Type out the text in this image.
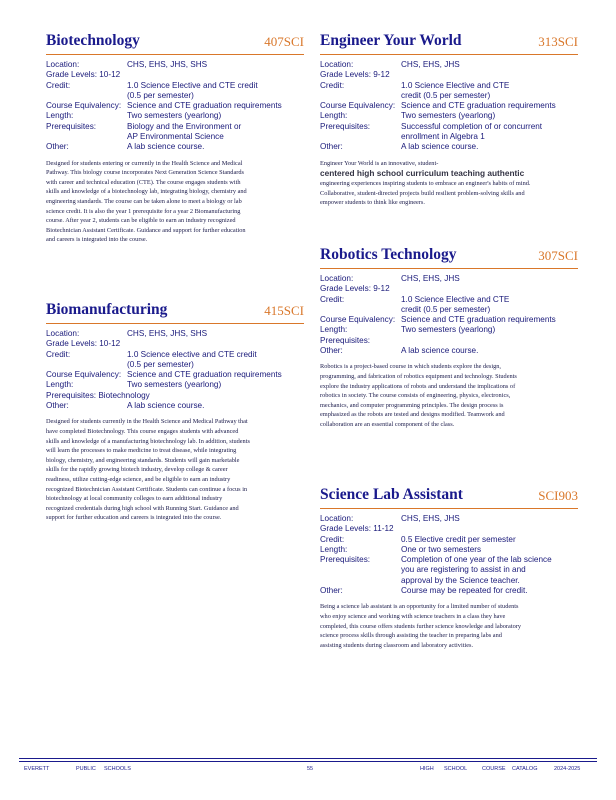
Biotechnology	407SCI
Location:	CHS, EHS, JHS, SHS
Grade Levels: 10-12
Credit:	1.0 Science Elective and CTE credit
(0.5 per semester)
Course Equivalency: Science and CTE graduation requirements
Length:	Two semesters (yearlong)
Prerequisites:	Biology and the Environment or
AP Environmental Science
Other:	A lab science course.
Designed for students entering or currently in the Health Science and Medical Pathway. This biology course incorporates Next Generation Science Standards with career and technical education (CTE). The course engages students with skills and knowledge of a biotechnology lab, integrating biology, chemistry and engineering standards. The course can be taken alone to meet a biology or lab science credit. It is also the year 1 prerequisite for a year 2 Biomanufacturing course. After year 2, students can be eligible to earn an industry recognized Biotechnician Assistant Certificate. Guidance and support for further education and careers is integrated into the course.
Biomanufacturing	415SCI
Location:	CHS, EHS, JHS, SHS
Grade Levels: 10-12
Credit:	1.0 Science elective and CTE credit
(0.5 per semester)
Course Equivalency: Science and CTE graduation requirements
Length:	Two semesters (yearlong)
Prerequisites: Biotechnology
Other:	A lab science course.
Designed for students currently in the Health Science and Medical Pathway that have completed Biotechnology. This course engages students with advanced skills and knowledge of a manufacturing biotechnology lab. In addition, students will learn the processes to make medicine to treat disease, while integrating biology, chemistry, and engineering standards. Students will gain marketable skills for the rapidly growing biotech industry, develop college & career readiness, utilize cutting-edge science, and be eligible to earn an industry recognized Biotechnician Assistant Certificate. Students can continue a focus in biotechnology at local community colleges to earn additional industry recognized credentials during high school with Running Start. Guidance and support for further education and careers is integrated into the course.
Engineer Your World	313SCI
Location:	CHS, EHS, JHS
Grade Levels: 9-12
Credit:	1.0 Science Elective and CTE
credit (0.5 per semester)
Course Equivalency: Science and CTE graduation requirements
Length:	Two semesters (yearlong)
Prerequisites:	Successful completion of or concurrent
enrollment in Algebra 1
Other:	A lab science course.
Engineer Your World is an innovative, student-
centered high school curriculum teaching authentic
engineering experiences inspiring students to embrace an engineer's habits of mind. Collaborative, student-directed projects build resilient problem-solving skills and empower students to think like engineers.
Robotics Technology	307SCI
Location:	CHS, EHS, JHS
Grade Levels: 9-12
Credit:	1.0 Science Elective and CTE
credit (0.5 per semester)
Course Equivalency: Science and CTE graduation requirements
Length:	Two semesters (yearlong)
Prerequisites:

Other:	A lab science course.
Robotics is a project-based course in which students explore the design, programming, and fabrication of robotics equipment and technology. Students explore the industry applications of robots and understand the implications of robotics in society. The course consists of engineering, physics, electronics, mechanics, and computer programming principles. The design process is emphasized as the robots are tested and designs modified. Teamwork and collaboration are an essential component of the class.
Science Lab Assistant	SCI903
Location:	CHS, EHS, JHS
Grade Levels: 11-12
Credit:	0.5 Elective credit per semester
Length:	One or two semesters
Prerequisites:	Completion of one year of the lab science
you are registering to assist in and
approval by the Science teacher.
Other:	Course may be repeated for credit.
Being a science lab assistant is an opportunity for a limited number of students who enjoy science and working with science teachers in a class they have completed, this course offers students further science knowledge and laboratory science process skills through assisting the teacher in preparing labs and assisting students during classroom and laboratory activities.
EVERETT	PUBLIC SCHOOLS	55	HIGH SCHOOL	COURSE CATALOG	2024-2025
